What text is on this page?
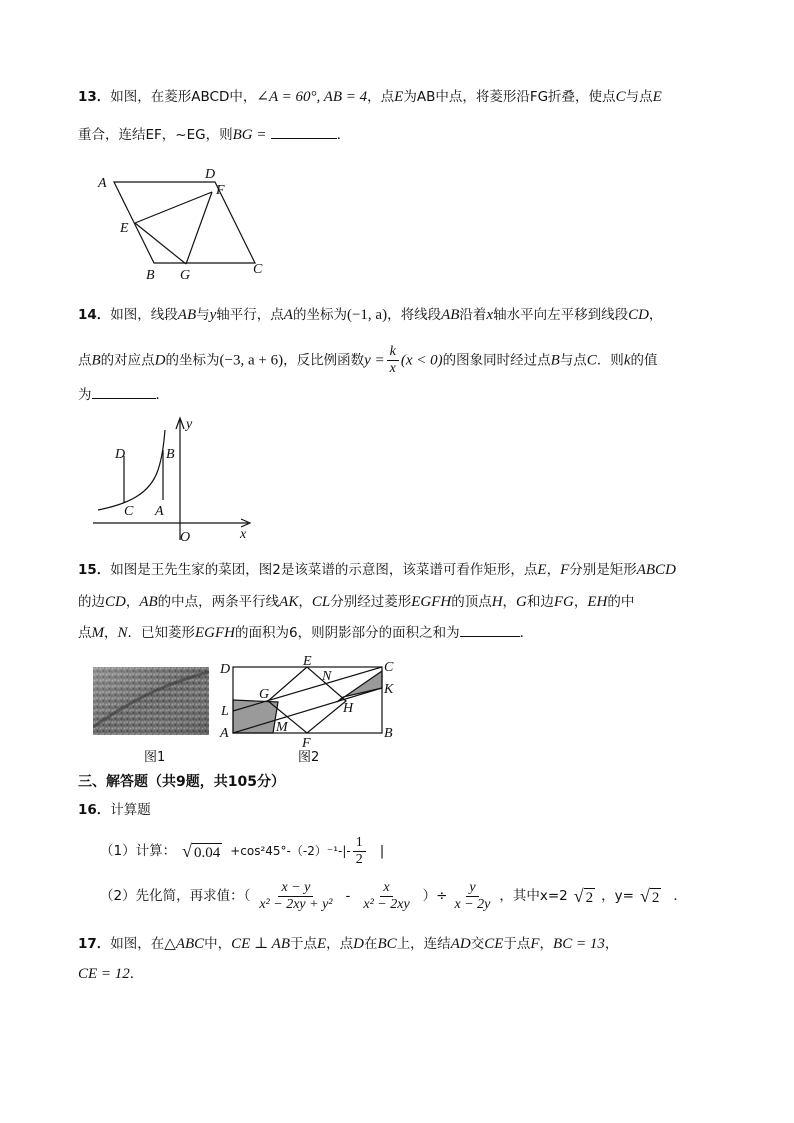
13．如图，在菱形ABCD中，∠A = 60°, AB = 4，点E为AB中点，将菱形沿FG折叠，使点C与点E
重合，连结EF，~EG，则BG =	．
A
D
F
E
B G	C
14．如图，线段AB与y轴平行，点A的坐标为(−1, a)，将线段AB沿着x轴水平向左平移到线段CD，
点B的对应点D的坐标为(−3, a + 6)，反比例函数$y = \frac{k}{x} (x < 0)$的图象同时经过点B与点C．则k的值
为	．
y
x
O
D	B
C A
15．如图是王先生家的菜团，图2是该菜谱的示意图，该菜谱可看作矩形，点E，F分别是矩形ABCD
的边CD，AB的中点，两条平行线AK，CL分别经过菱形EGFH的顶点H，G和边FG，EH的中
点M，N．已知菱形EGFH的面积为6，则阴影部分的面积之和为	．
图1
D
E	C
N
K
G
H
L
M
A
F
B
图2
三、解答题（共9题，共105分）
16．计算题
（1）计算： √ $0.04 +\cos^245^\circ-(-2)^{-1}-|- \frac{1}{2}$ |
（2）先化简，再求值：（ $\frac{x - y}{\text{x² − 2xy + y²}} - \frac{x}{\text{x² − 2xy}}$ ）÷ $\frac{y}{x - 2y}$ ，其中x=2 √ 2 ，y= √ 2 ．
17．如图，在△ABC中，CE ⊥ AB于点E，点D在BC上，连结AD交CE于点F，BC = 13，
CE = 12．
